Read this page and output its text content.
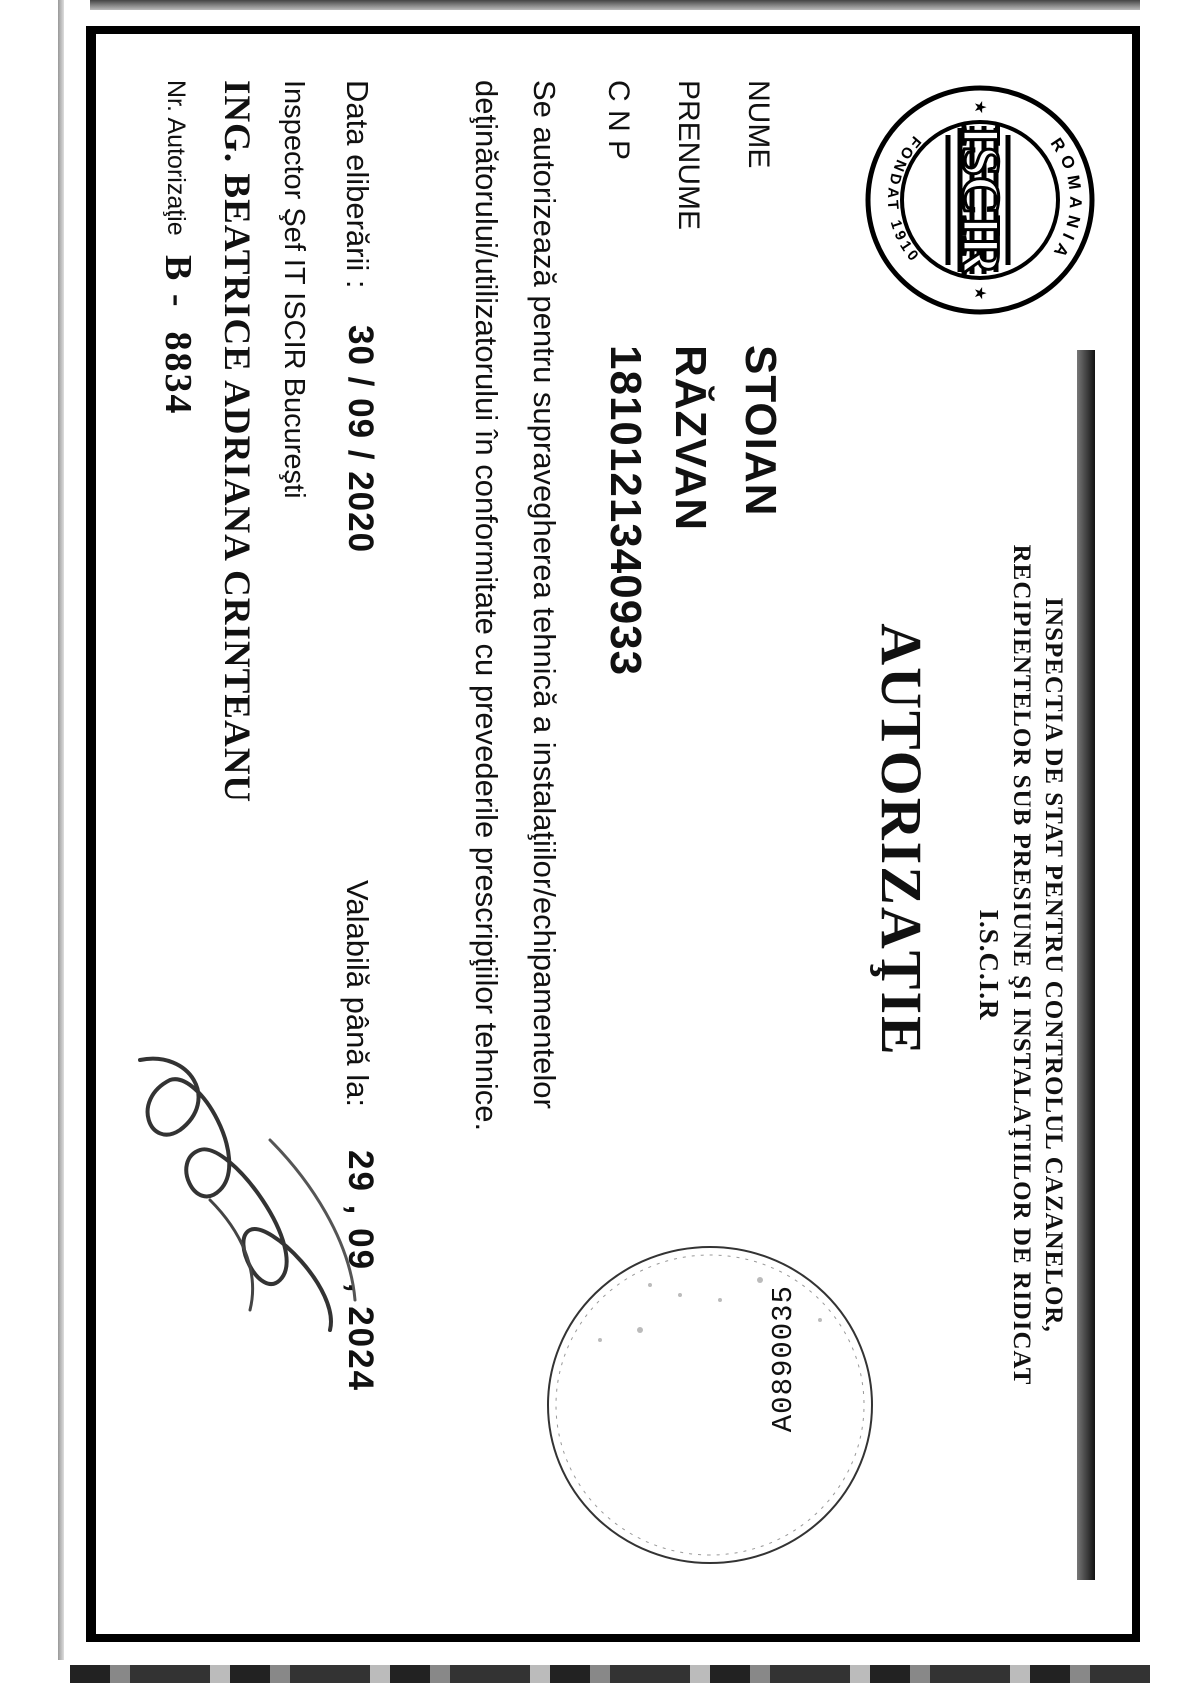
ISCIR ROMANIA
FONDAT 1910
★
★
INSPECTIA DE STAT PENTRU CONTROLUL CAZANELOR,
RECIPIENTELOR SUB PRESIUNE ŞI INSTALAŢIILOR DE RIDICAT
I.S.C.I.R
AUTORIZAŢIE
NUME
STOIAN
PRENUME
RĂZVAN
C N P
1810121340933
Se autorizează pentru supravegherea tehnică a instalaţiilor/echipamentelor deţinătorului/utilizatorului în conformitate cu prevederile prescripţiilor tehnice.
Data eliberării :
30 / 09 / 2020
Valabilă până la:
29 , 09 , 2024
Inspector Şef IT ISCIR Bucureşti
ING. BEATRICE ADRIANA CRINTEANU
Nr. Autorizaţie
B -  8834
A0890035
